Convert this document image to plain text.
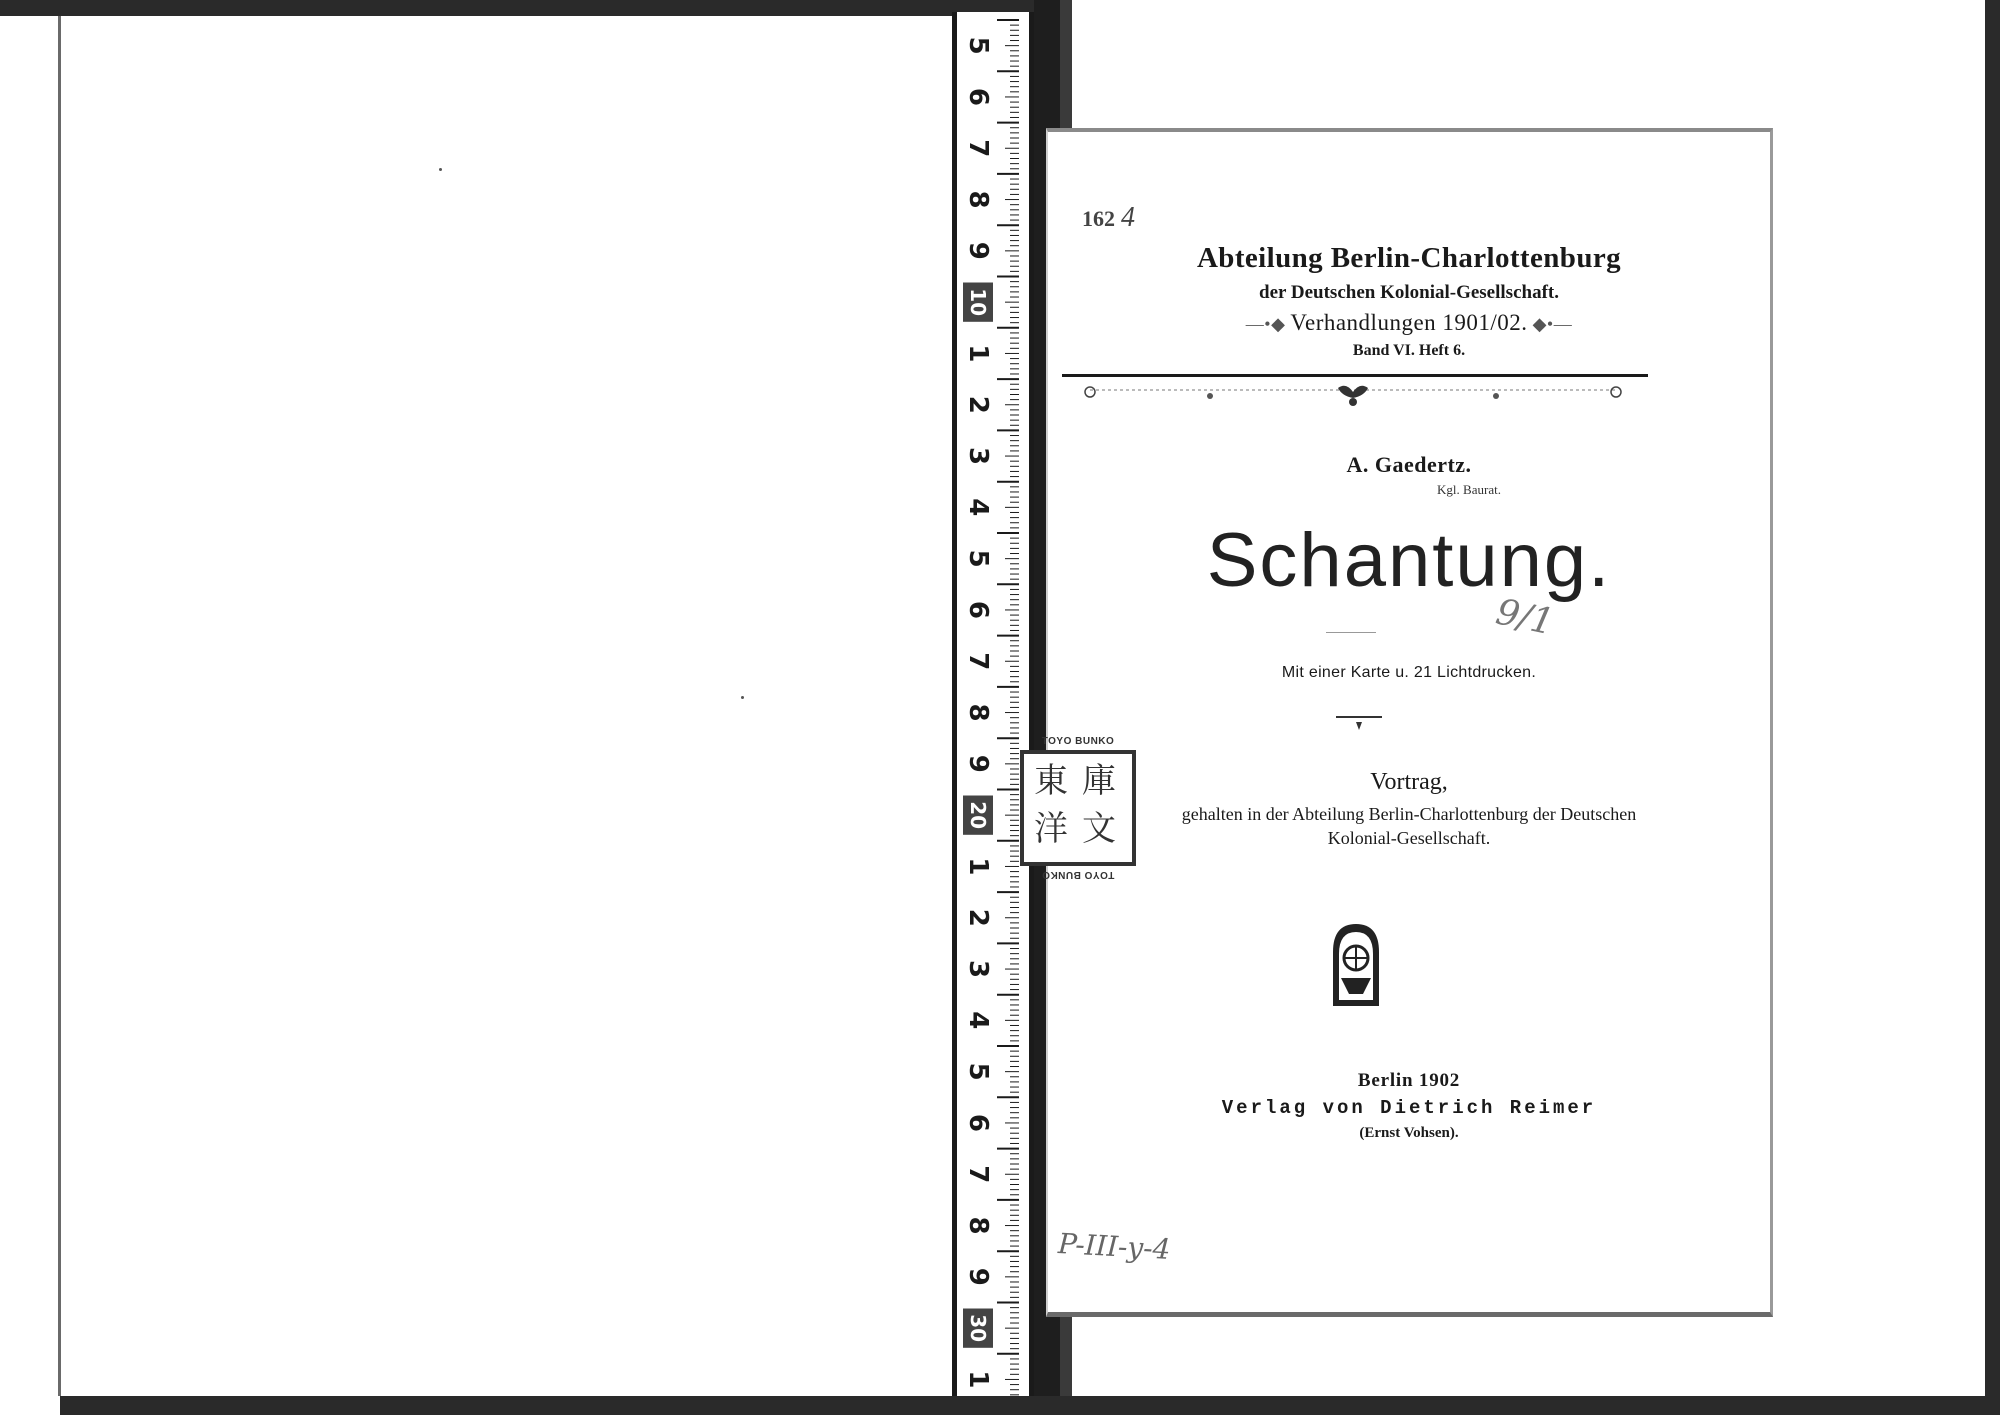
5
6
7
8
9
10
1
2
3
4
5
6
7
8
9
20
1
2
3
4
5
6
7
8
9
30
1
162 4
Abteilung Berlin-Charlottenburg
der Deutschen Kolonial-Gesellschaft.
—•◆ Verhandlungen 1901/02. ◆•—
Band VI. Heft 6.
A. Gaedertz.
Kgl. Baurat.
Schantung.
Mit einer Karte u. 21 Lichtdrucken.
9/1
Vortrag,
gehalten in der Abteilung Berlin-Charlottenburg der Deutschen
Kolonial-Gesellschaft.
Berlin 1902
Verlag von Dietrich Reimer
(Ernst Vohsen).
P-III-y-4
TOYO BUNKO
東 庫
洋 文
TOYO BUNKO
